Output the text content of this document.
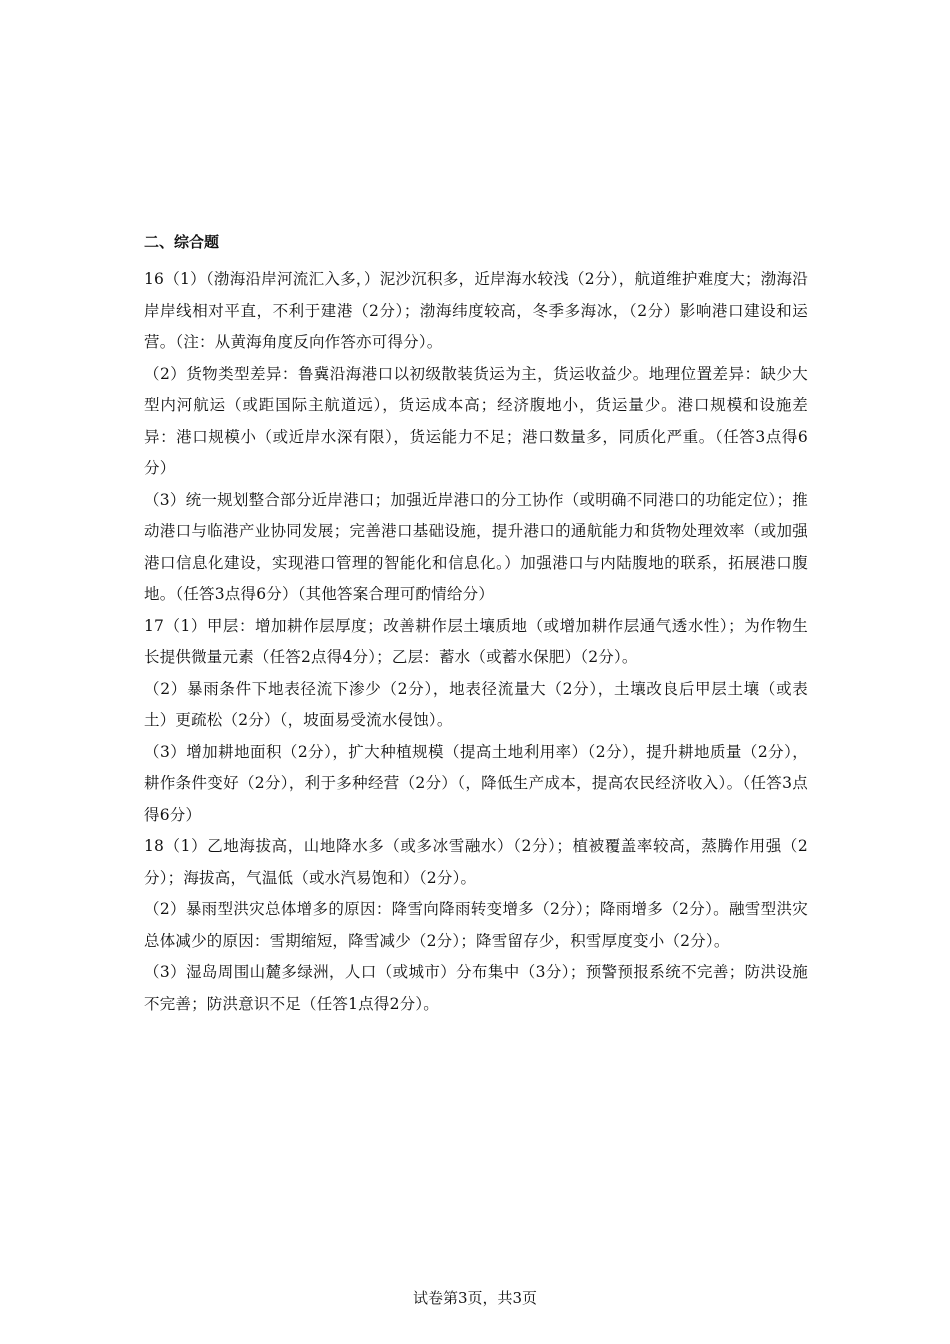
二、综合题

16（1）（渤海沿岸河流汇入多，）泥沙沉积多，近岸海水较浅（2分），航道维护难度大；渤海沿岸岸线相对平直，不利于建港（2分）；渤海纬度较高，冬季多海冰，（2分）影响港口建设和运营。（注：从黄海角度反向作答亦可得分）。

（2）货物类型差异：鲁冀沿海港口以初级散装货运为主，货运收益少。地理位置差异：缺少大型内河航运（或距国际主航道远），货运成本高；经济腹地小，货运量少。港口规模和设施差异：港口规模小（或近岸水深有限），货运能力不足；港口数量多，同质化严重。（任答3点得6分）

（3）统一规划整合部分近岸港口；加强近岸港口的分工协作（或明确不同港口的功能定位）；推动港口与临港产业协同发展；完善港口基础设施，提升港口的通航能力和货物处理效率（或加强港口信息化建设，实现港口管理的智能化和信息化。）加强港口与内陆腹地的联系，拓展港口腹地。（任答3点得6分）（其他答案合理可酌情给分）

17（1）甲层：增加耕作层厚度；改善耕作层土壤质地（或增加耕作层通气透水性）；为作物生长提供微量元素（任答2点得4分）；乙层：蓄水（或蓄水保肥）（2分）。

（2）暴雨条件下地表径流下渗少（2分），地表径流量大（2分），土壤改良后甲层土壤（或表土）更疏松（2分）（，坡面易受流水侵蚀）。

（3）增加耕地面积（2分），扩大种植规模（提高土地利用率）（2分），提升耕地质量（2分），耕作条件变好（2分），利于多种经营（2分）（，降低生产成本，提高农民经济收入）。（任答3点得6分）

18（1）乙地海拔高，山地降水多（或多冰雪融水）（2分）；植被覆盖率较高，蒸腾作用强（2分）；海拔高，气温低（或水汽易饱和）（2分）。

（2）暴雨型洪灾总体增多的原因：降雪向降雨转变增多（2分）；降雨增多（2分）。融雪型洪灾总体减少的原因：雪期缩短，降雪减少（2分）；降雪留存少，积雪厚度变小（2分）。

（3）湿岛周围山麓多绿洲，人口（或城市）分布集中（3分）；预警预报系统不完善；防洪设施不完善；防洪意识不足（任答1点得2分）。

试卷第3页，共3页
